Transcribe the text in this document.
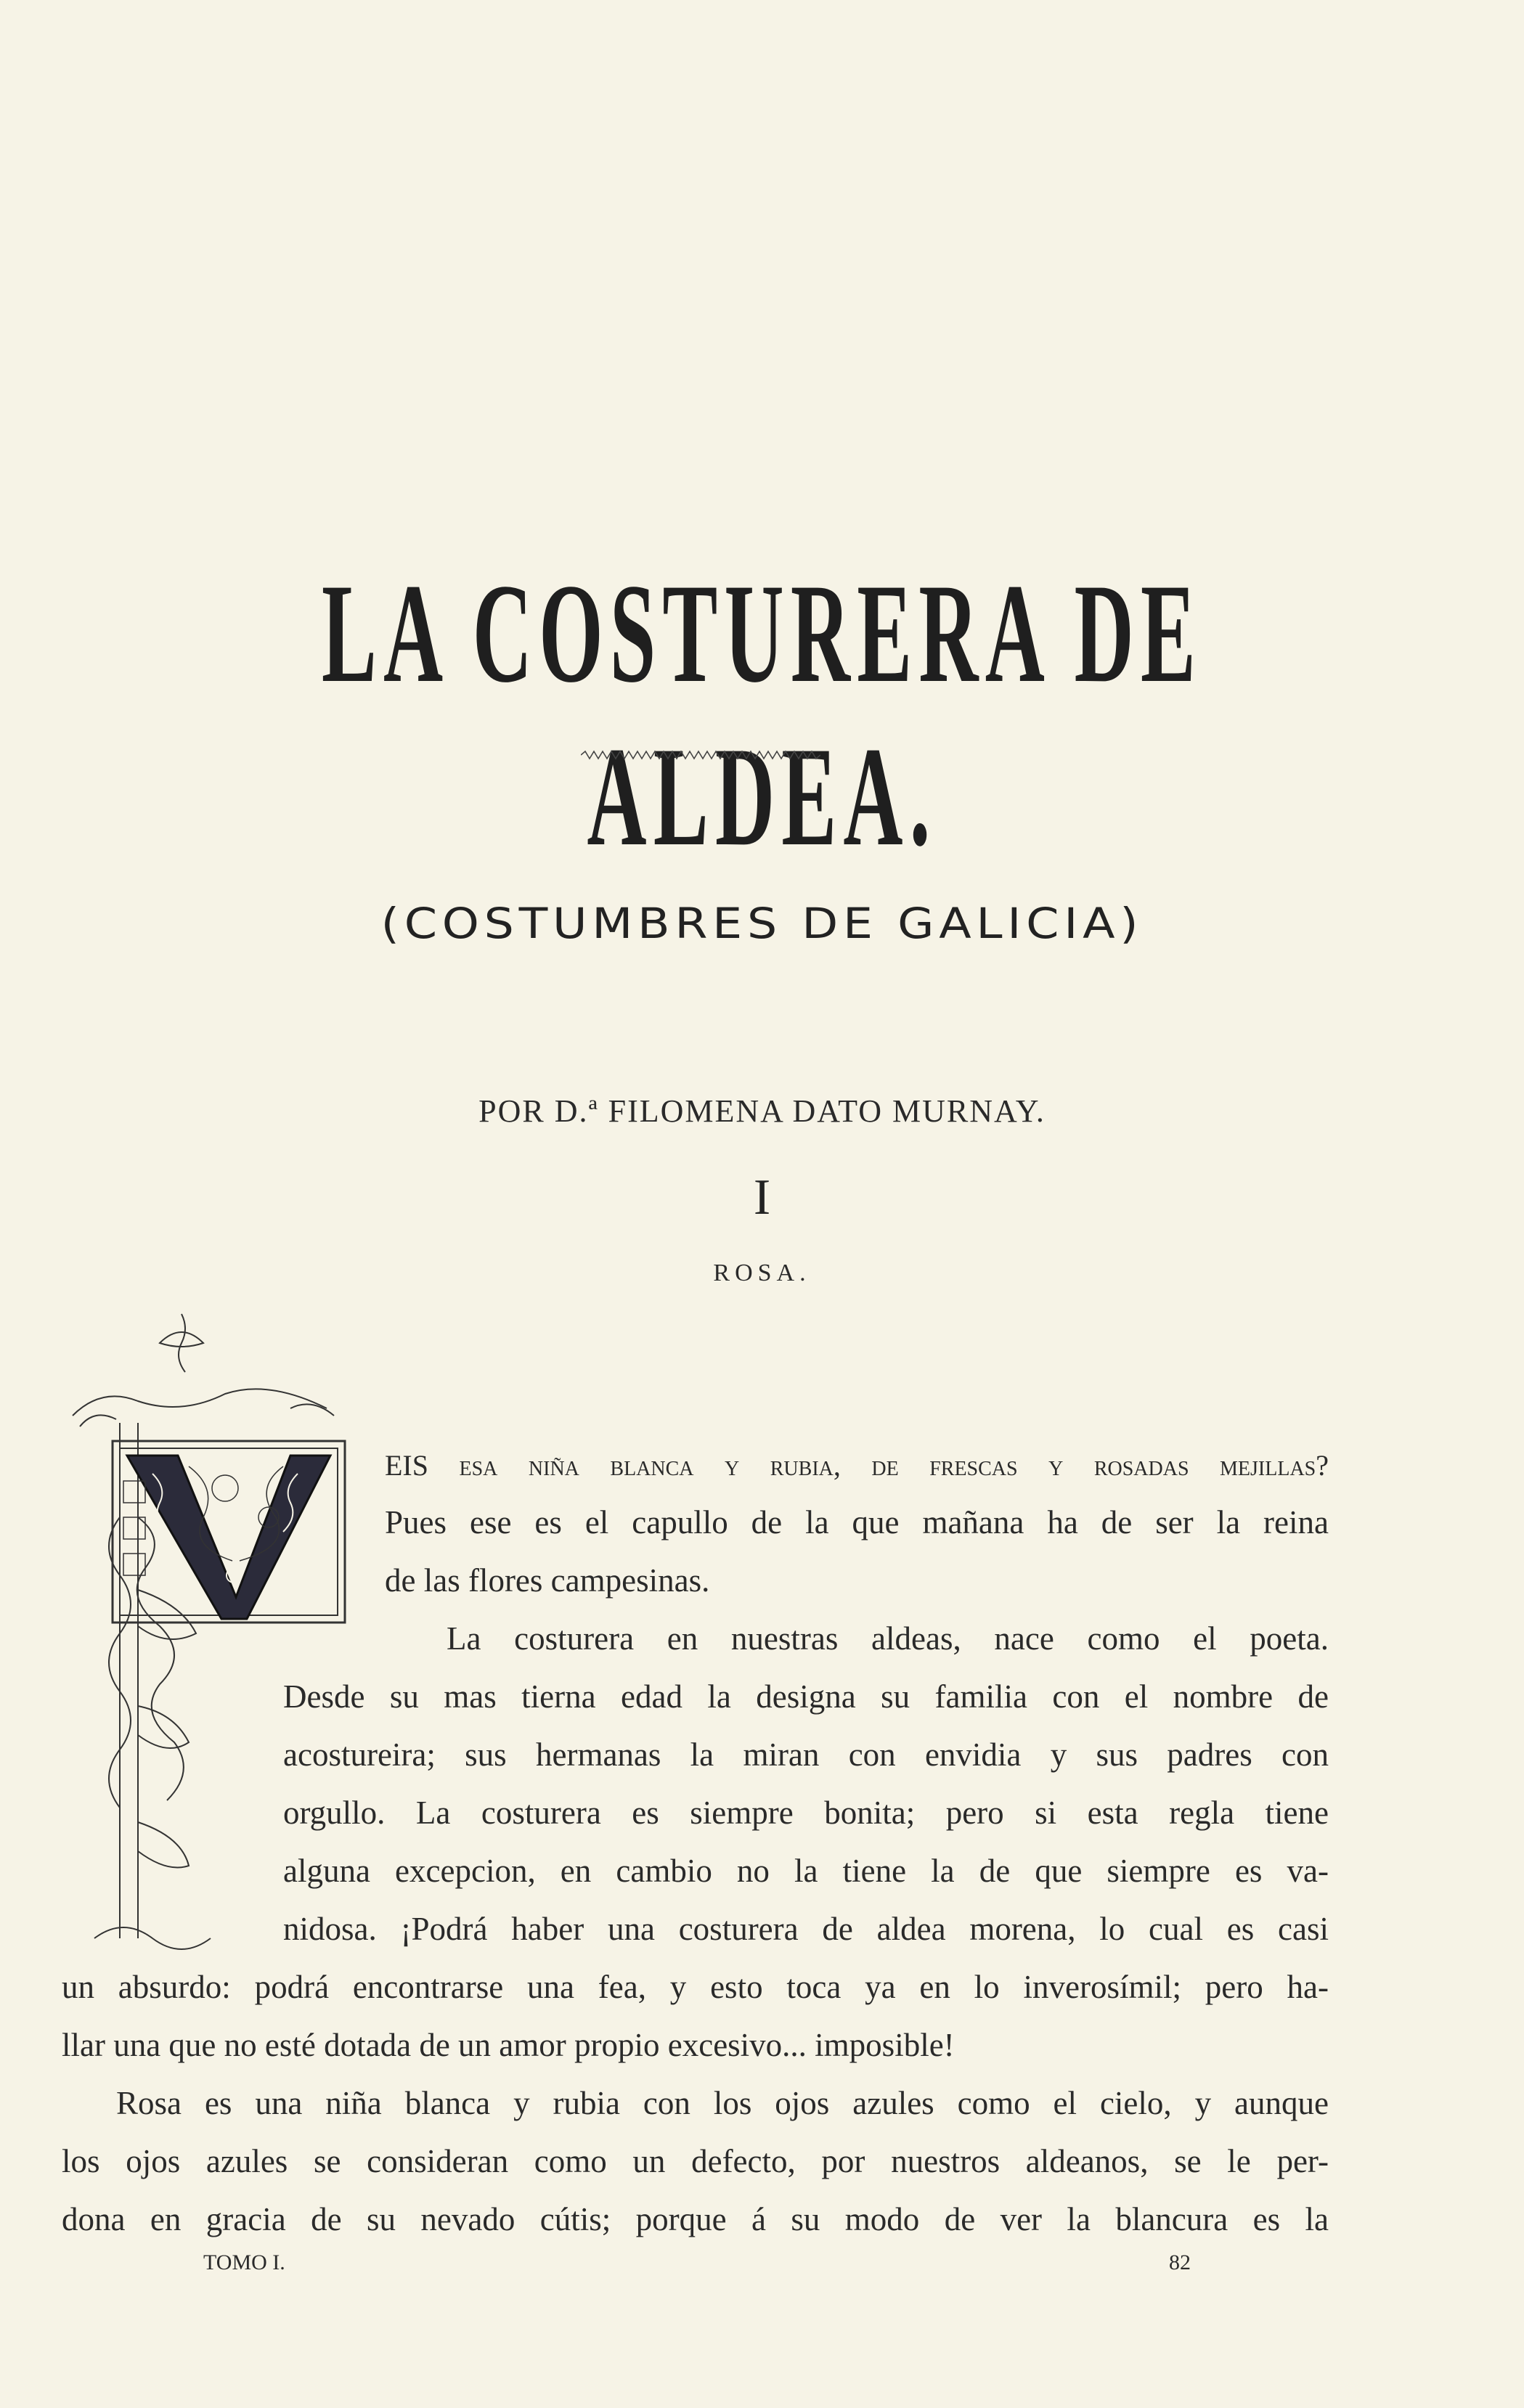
LA COSTURERA DE ALDEA.
(COSTUMBRES DE GALICIA)
POR D.ª FILOMENA DATO MURNAY.
I
ROSA.
EIS esa niña blanca y rubia, de frescas y rosadas mejillas?
Pues ese es el capullo de la que mañana ha de ser la reina
de las flores campesinas.
La costurera en nuestras aldeas, nace como el poeta.
Desde su mas tierna edad la designa su familia con el nombre de
acostureira; sus hermanas la miran con envidia y sus padres con
orgullo. La costurera es siempre bonita; pero si esta regla tiene
alguna excepcion, en cambio no la tiene la de que siempre es va-
nidosa. ¡Podrá haber una costurera de aldea morena, lo cual es casi
un absurdo: podrá encontrarse una fea, y esto toca ya en lo inverosímil; pero ha-
llar una que no esté dotada de un amor propio excesivo... imposible!
Rosa es una niña blanca y rubia con los ojos azules como el cielo, y aunque
los ojos azules se consideran como un defecto, por nuestros aldeanos, se le per-
dona en gracia de su nevado cútis; porque á su modo de ver la blancura es la
TOMO I.	82
